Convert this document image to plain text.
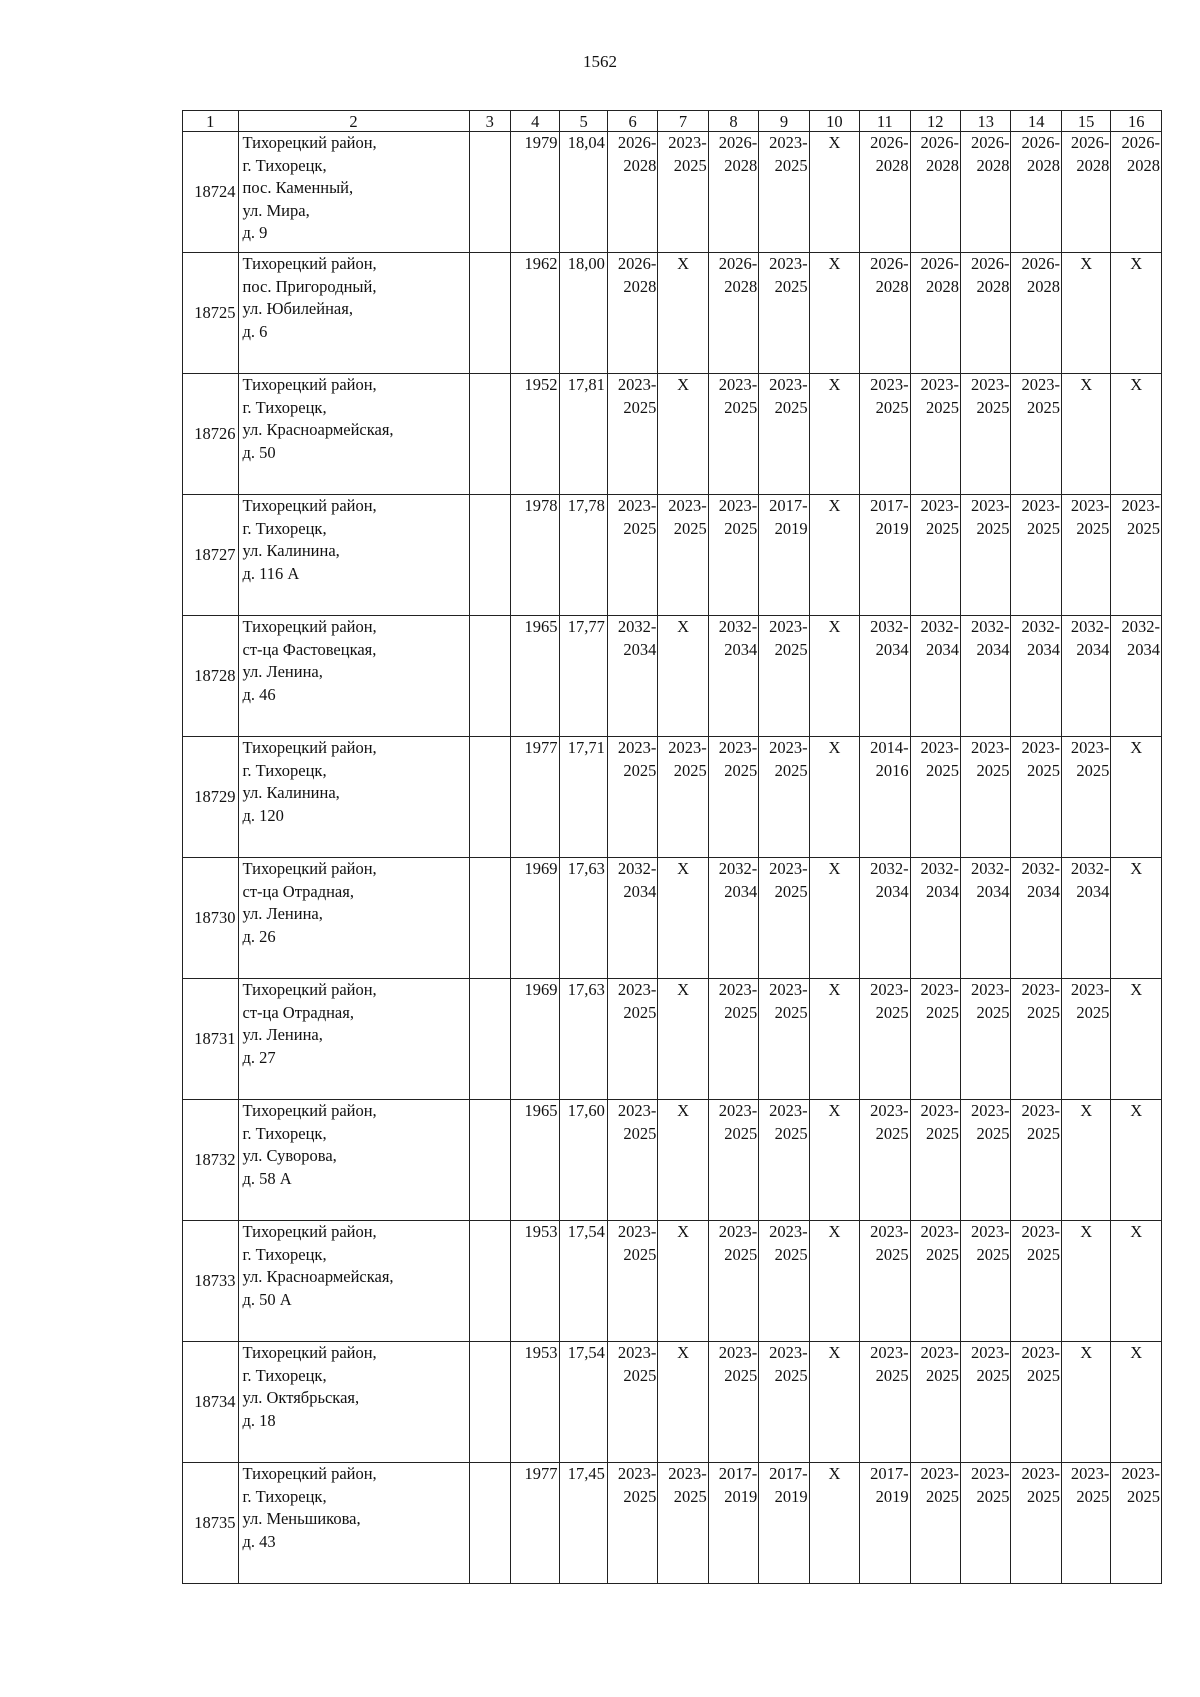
1562
1	2	3	4	5	6	7	8	9	10	11	12	13	14	15	16
18724	Тихорецкий район,
г. Тихорецк,
пос. Каменный,
ул. Мира,
д. 9		1979	18,04	2026-
2028	2023-
2025	2026-
2028	2023-
2025	X	2026-
2028	2026-
2028	2026-
2028	2026-
2028	2026-
2028	2026-
2028

18725	Тихорецкий район,
пос. Пригородный,
ул. Юбилейная,
д. 6		1962	18,00	2026-
2028	X	2026-
2028	2023-
2025	X	2026-
2028	2026-
2028	2026-
2028	2026-
2028	X	X
18726	Тихорецкий район,
г. Тихорецк,
ул. Красноармейская,
д. 50		1952	17,81	2023-
2025	X	2023-
2025	2023-
2025	X	2023-
2025	2023-
2025	2023-
2025	2023-
2025	X	X
18727	Тихорецкий район,
г. Тихорецк,
ул. Калинина,
д. 116 А		1978	17,78	2023-
2025	2023-
2025	2023-
2025	2017-
2019	X	2017-
2019	2023-
2025	2023-
2025	2023-
2025	2023-
2025	2023-
2025

18728	Тихорецкий район,
ст-ца Фастовецкая,
ул. Ленина,
д. 46		1965	17,77	2032-
2034	X	2032-
2034	2023-
2025	X	2032-
2034	2032-
2034	2032-
2034	2032-
2034	2032-
2034	2032-
2034

18729	Тихорецкий район,
г. Тихорецк,
ул. Калинина,
д. 120		1977	17,71	2023-
2025	2023-
2025	2023-
2025	2023-
2025	X	2014-
2016	2023-
2025	2023-
2025	2023-
2025	2023-
2025	X
18730	Тихорецкий район,
ст-ца Отрадная,
ул. Ленина,
д. 26		1969	17,63	2032-
2034	X	2032-
2034	2023-
2025	X	2032-
2034	2032-
2034	2032-
2034	2032-
2034	2032-
2034	X
18731	Тихорецкий район,
ст-ца Отрадная,
ул. Ленина,
д. 27		1969	17,63	2023-
2025	X	2023-
2025	2023-
2025	X	2023-
2025	2023-
2025	2023-
2025	2023-
2025	2023-
2025	X
18732	Тихорецкий район,
г. Тихорецк,
ул. Суворова,
д. 58 А		1965	17,60	2023-
2025	X	2023-
2025	2023-
2025	X	2023-
2025	2023-
2025	2023-
2025	2023-
2025	X	X
18733	Тихорецкий район,
г. Тихорецк,
ул. Красноармейская,
д. 50 А		1953	17,54	2023-
2025	X	2023-
2025	2023-
2025	X	2023-
2025	2023-
2025	2023-
2025	2023-
2025	X	X
18734	Тихорецкий район,
г. Тихорецк,
ул. Октябрьская,
д. 18		1953	17,54	2023-
2025	X	2023-
2025	2023-
2025	X	2023-
2025	2023-
2025	2023-
2025	2023-
2025	X	X
18735	Тихорецкий район,
г. Тихорецк,
ул. Меньшикова,
д. 43		1977	17,45	2023-
2025	2023-
2025	2017-
2019	2017-
2019	X	2017-
2019	2023-
2025	2023-
2025	2023-
2025	2023-
2025	2023-
2025
